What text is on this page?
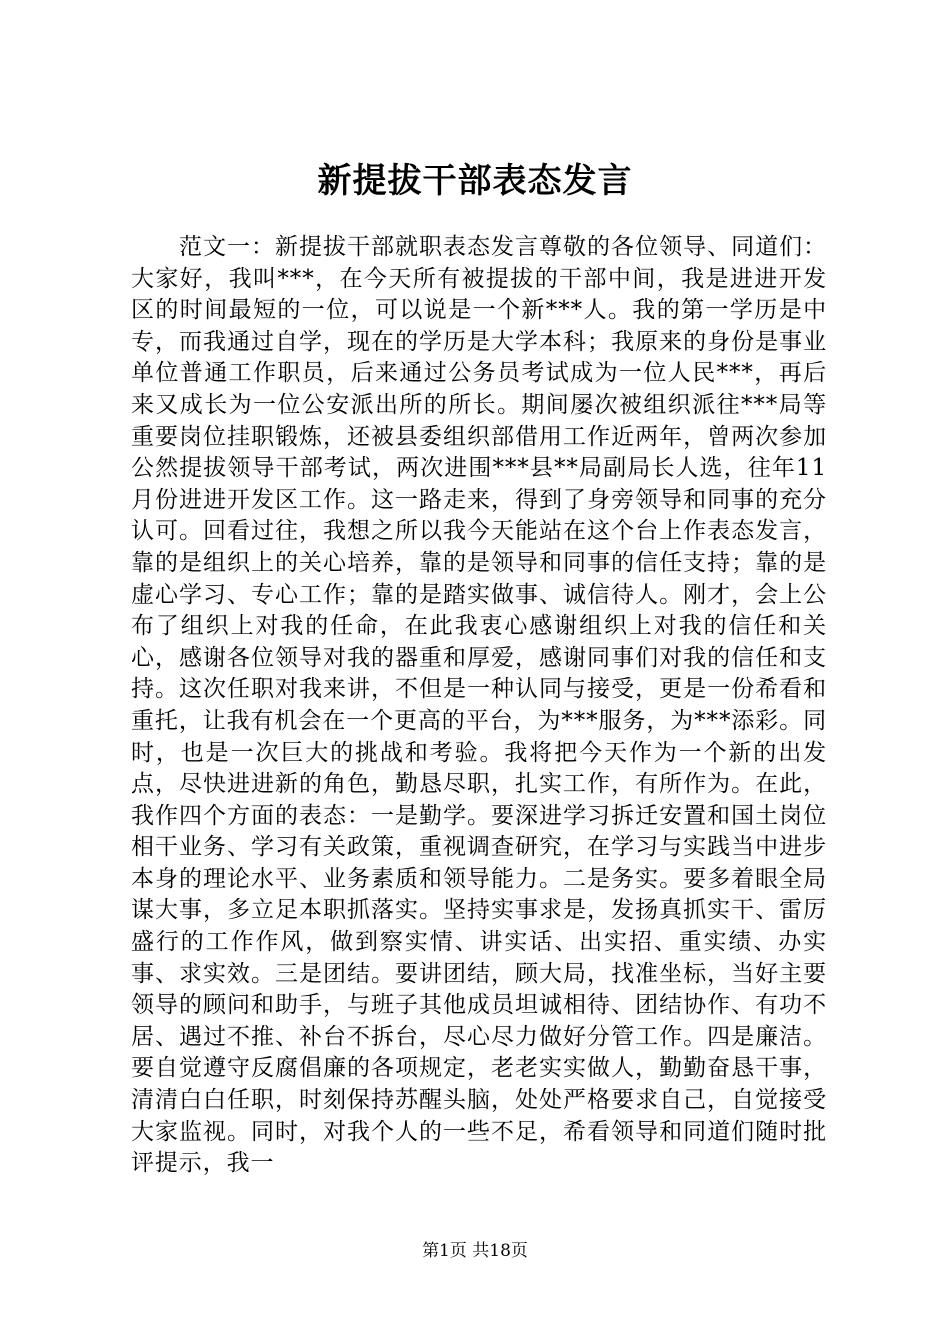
新提拔干部表态发言
范文一：新提拔干部就职表态发言尊敬的各位领导、同道们：大家好，我叫***，在今天所有被提拔的干部中间，我是进进开发区的时间最短的一位，可以说是一个新***人。我的第一学历是中专，而我通过自学，现在的学历是大学本科；我原来的身份是事业单位普通工作职员，后来通过公务员考试成为一位人民***，再后来又成长为一位公安派出所的所长。期间屡次被组织派往***局等重要岗位挂职锻炼，还被县委组织部借用工作近两年，曾两次参加公然提拔领导干部考试，两次进围***县**局副局长人选，往年11月份进进开发区工作。这一路走来，得到了身旁领导和同事的充分认可。回看过往，我想之所以我今天能站在这个台上作表态发言，靠的是组织上的关心培养，靠的是领导和同事的信任支持；靠的是虚心学习、专心工作；靠的是踏实做事、诚信待人。刚才，会上公布了组织上对我的任命，在此我衷心感谢组织上对我的信任和关心，感谢各位领导对我的器重和厚爱，感谢同事们对我的信任和支持。这次任职对我来讲，不但是一种认同与接受，更是一份希看和重托，让我有机会在一个更高的平台，为***服务，为***添彩。同时，也是一次巨大的挑战和考验。我将把今天作为一个新的出发点，尽快进进新的角色，勤恳尽职，扎实工作，有所作为。在此，我作四个方面的表态：一是勤学。要深进学习拆迁安置和国土岗位相干业务、学习有关政策，重视调查研究，在学习与实践当中进步本身的理论水平、业务素质和领导能力。二是务实。要多着眼全局谋大事，多立足本职抓落实。坚持实事求是，发扬真抓实干、雷厉盛行的工作作风，做到察实情、讲实话、出实招、重实绩、办实事、求实效。三是团结。要讲团结，顾大局，找准坐标，当好主要领导的顾问和助手，与班子其他成员坦诚相待、团结协作、有功不居、遇过不推、补台不拆台，尽心尽力做好分管工作。四是廉洁。要自觉遵守反腐倡廉的各项规定，老老实实做人，勤勤奋恳干事，清清白白任职，时刻保持苏醒头脑，处处严格要求自己，自觉接受大家监视。同时，对我个人的一些不足，希看领导和同道们随时批评提示，我一
第1页 共18页
